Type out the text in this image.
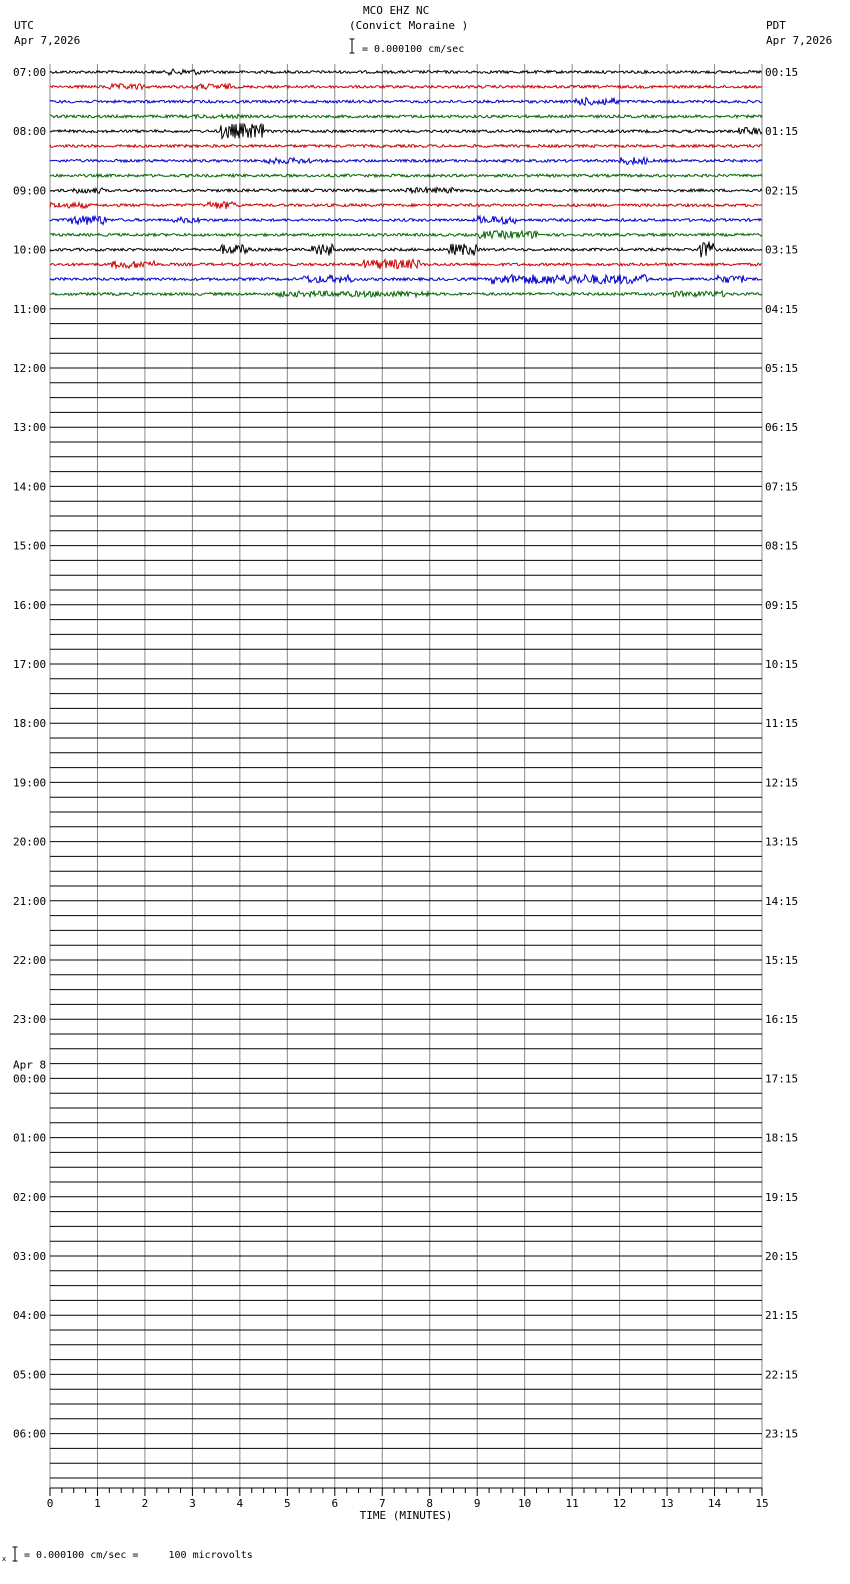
MCO EHZ NC
(Convict Moraine )
UTC
Apr 7,2026
PDT
Apr 7,2026

= 0.000100 cm/sec
07:00
08:00
09:00
10:00
11:00
12:00
13:00
14:00
15:00
16:00
17:00
18:00
19:00
20:00
21:00
22:00
23:00
00:00
01:00
02:00
03:00
04:00
05:00
06:00
Apr 8
00:15
01:15
02:15
03:15
04:15
05:15
06:15
07:15
08:15
09:15
10:15
11:15
12:15
13:15
14:15
15:15
16:15
17:15
18:15
19:15
20:15
21:15
22:15
23:15
0	1	2	3	4	5	6	7	8	9	10	11	12	13	14	15
TIME (MINUTES)

x = 0.000100 cm/sec =     100 microvolts
